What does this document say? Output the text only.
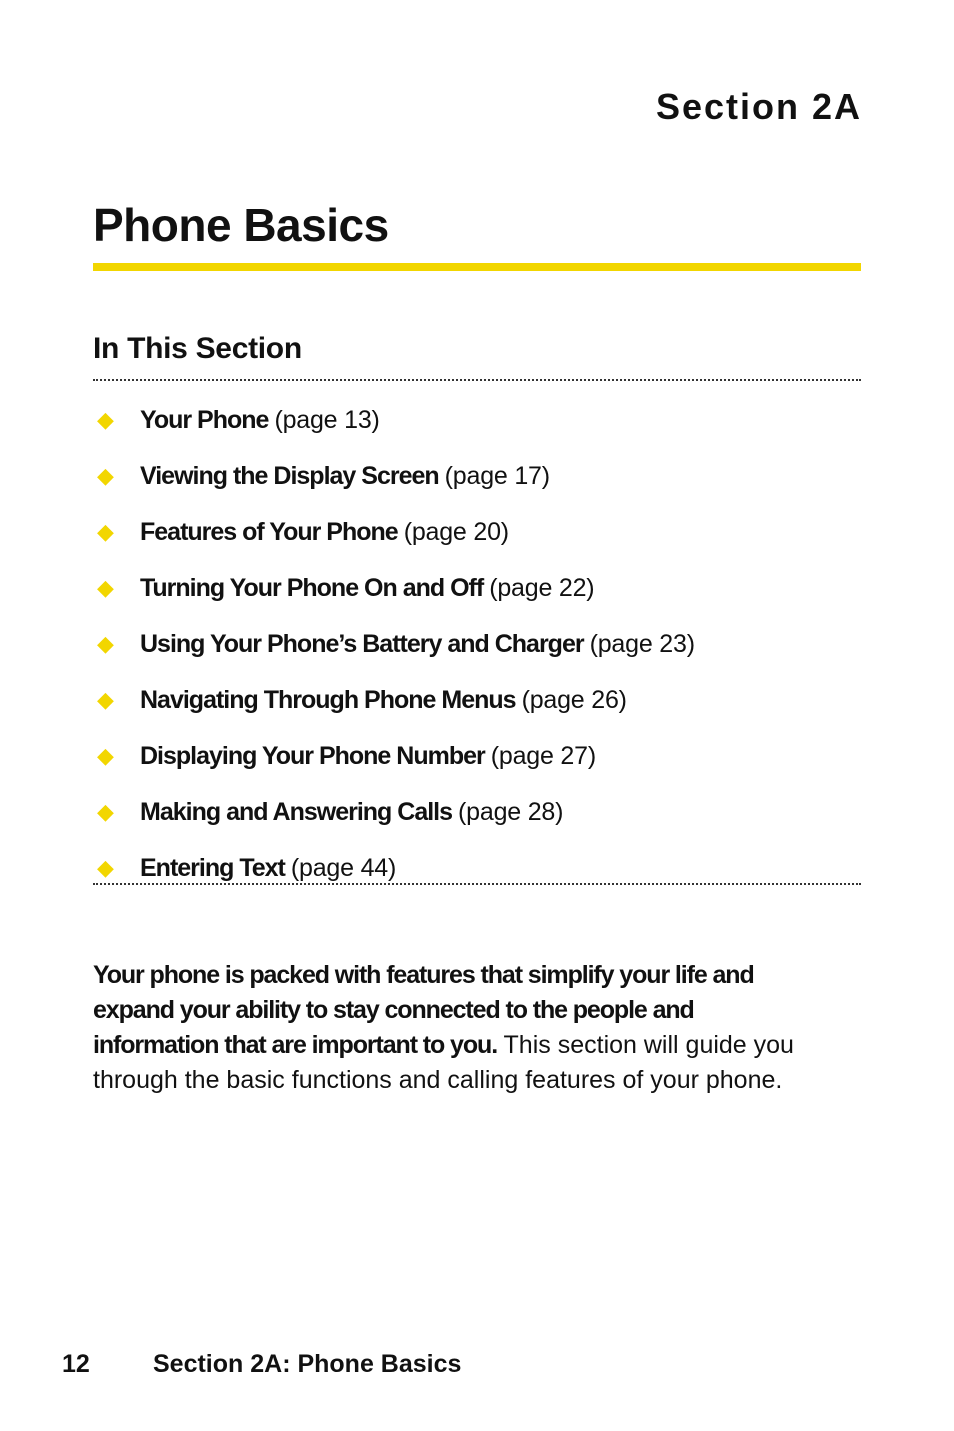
Section 2A
Phone Basics
In This Section
◆	Your Phone (page 13)
◆	Viewing the Display Screen (page 17)
◆	Features of Your Phone (page 20)
◆	Turning Your Phone On and Off (page 22)
◆	Using Your Phone’s Battery and Charger (page 23)
◆	Navigating Through Phone Menus (page 26)
◆	Displaying Your Phone Number (page 27)
◆	Making and Answering Calls (page 28)
◆	Entering Text (page 44)

Your phone is packed with features that simplify your life and expand your ability to stay connected to the people and information that are important to you. This section will guide you through the basic functions and calling features of your phone.

12	Section 2A: Phone Basics
